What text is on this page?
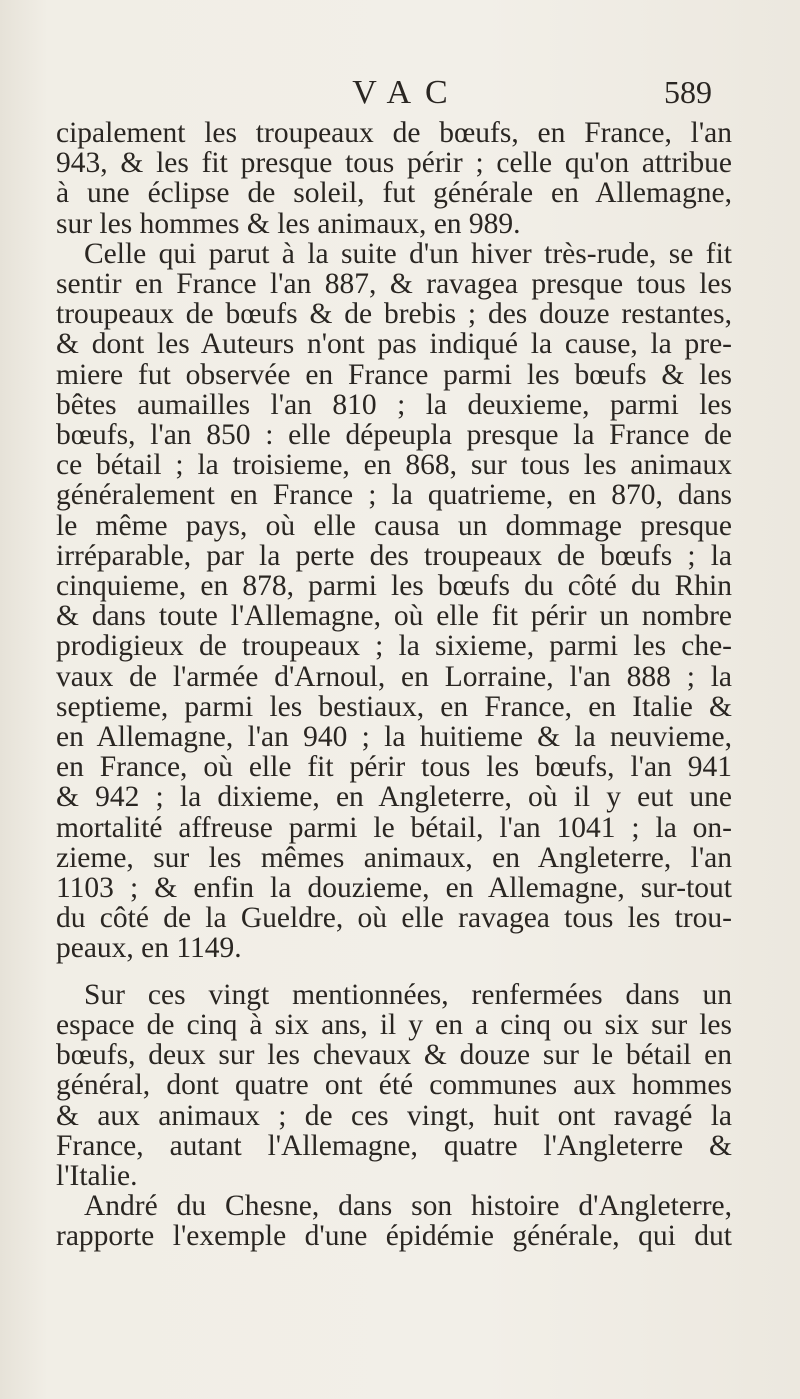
VAC	589
cipalement les troupeaux de bœufs, en France, l'an
943, & les fit presque tous périr ; celle qu'on attribue
à une éclipse de soleil, fut générale en Allemagne,
sur les hommes & les animaux, en 989.
Celle qui parut à la suite d'un hiver très-rude, se fit
sentir en France l'an 887, & ravagea presque tous les
troupeaux de bœufs & de brebis ; des douze restantes,
& dont les Auteurs n'ont pas indiqué la cause, la pre-
miere fut observée en France parmi les bœufs & les
bêtes aumailles l'an 810 ; la deuxieme, parmi les
bœufs, l'an 850 : elle dépeupla presque la France de
ce bétail ; la troisieme, en 868, sur tous les animaux
généralement en France ; la quatrieme, en 870, dans
le même pays, où elle causa un dommage presque
irréparable, par la perte des troupeaux de bœufs ; la
cinquieme, en 878, parmi les bœufs du côté du Rhin
& dans toute l'Allemagne, où elle fit périr un nombre
prodigieux de troupeaux ; la sixieme, parmi les che-
vaux de l'armée d'Arnoul, en Lorraine, l'an 888 ; la
septieme, parmi les bestiaux, en France, en Italie &
en Allemagne, l'an 940 ; la huitieme & la neuvieme,
en France, où elle fit périr tous les bœufs, l'an 941
& 942 ; la dixieme, en Angleterre, où il y eut une
mortalité affreuse parmi le bétail, l'an 1041 ; la on-
zieme, sur les mêmes animaux, en Angleterre, l'an
1103 ; & enfin la douzieme, en Allemagne, sur-tout
du côté de la Gueldre, où elle ravagea tous les trou-
peaux, en 1149.
Sur ces vingt mentionnées, renfermées dans un
espace de cinq à six ans, il y en a cinq ou six sur les
bœufs, deux sur les chevaux & douze sur le bétail en
général, dont quatre ont été communes aux hommes
& aux animaux ; de ces vingt, huit ont ravagé la
France, autant l'Allemagne, quatre l'Angleterre &
l'Italie.
André du Chesne, dans son histoire d'Angleterre,
rapporte l'exemple d'une épidémie générale, qui dut
